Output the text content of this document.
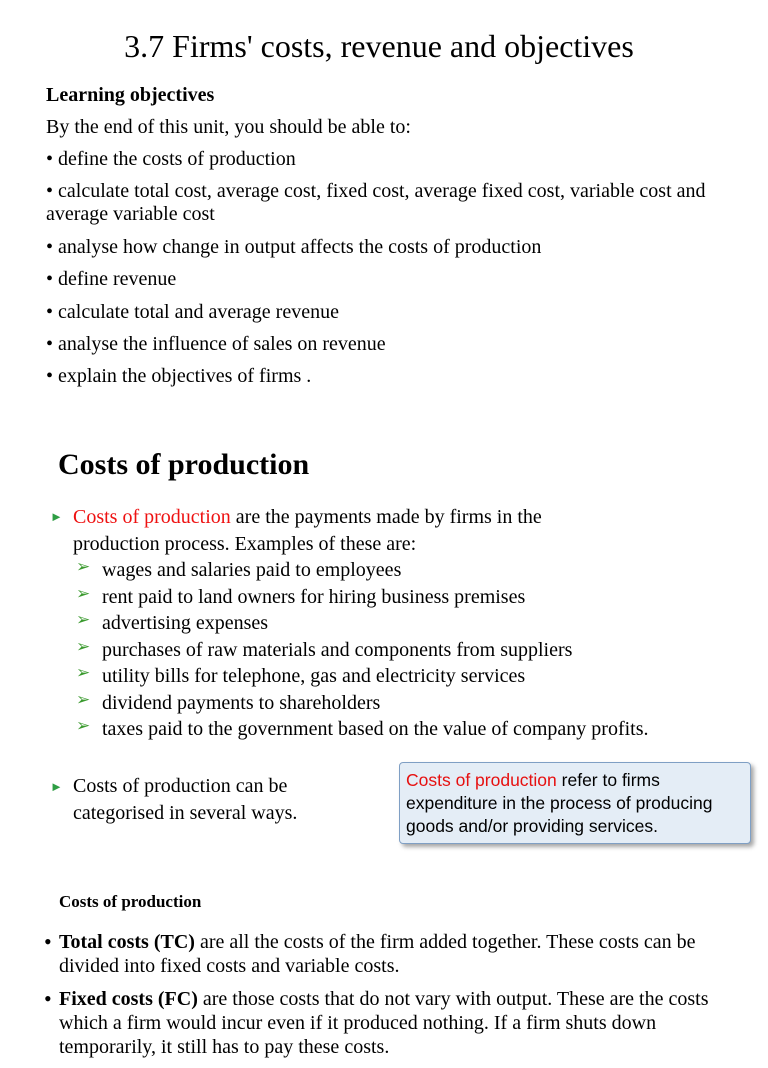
3.7 Firms' costs, revenue and objectives
Learning objectives
By the end of this unit, you should be able to:
• define the costs of production
• calculate total cost, average cost, fixed cost, average fixed cost, variable cost and average variable cost
• analyse how change in output affects the costs of production
• define revenue
• calculate total and average revenue
• analyse the influence of sales on revenue
• explain the objectives of firms .
Costs of production
► Costs of production are the payments made by firms in the
production process. Examples of these are:
➢ wages and salaries paid to employees
➢ rent paid to land owners for hiring business premises
➢ advertising expenses
➢ purchases of raw materials and components from suppliers
➢ utility bills for telephone, gas and electricity services
➢ dividend payments to shareholders
➢ taxes paid to the government based on the value of company profits.
► Costs of production can be
categorised in several ways.
Costs of production refer to firms expenditure in the process of producing goods and/or providing services.
Costs of production
• Total costs (TC) are all the costs of the firm added together. These costs can be divided into fixed costs and variable costs.
• Fixed costs (FC) are those costs that do not vary with output. These are the costs which a firm would incur even if it produced nothing. If a firm shuts down temporarily, it still has to pay these costs.
